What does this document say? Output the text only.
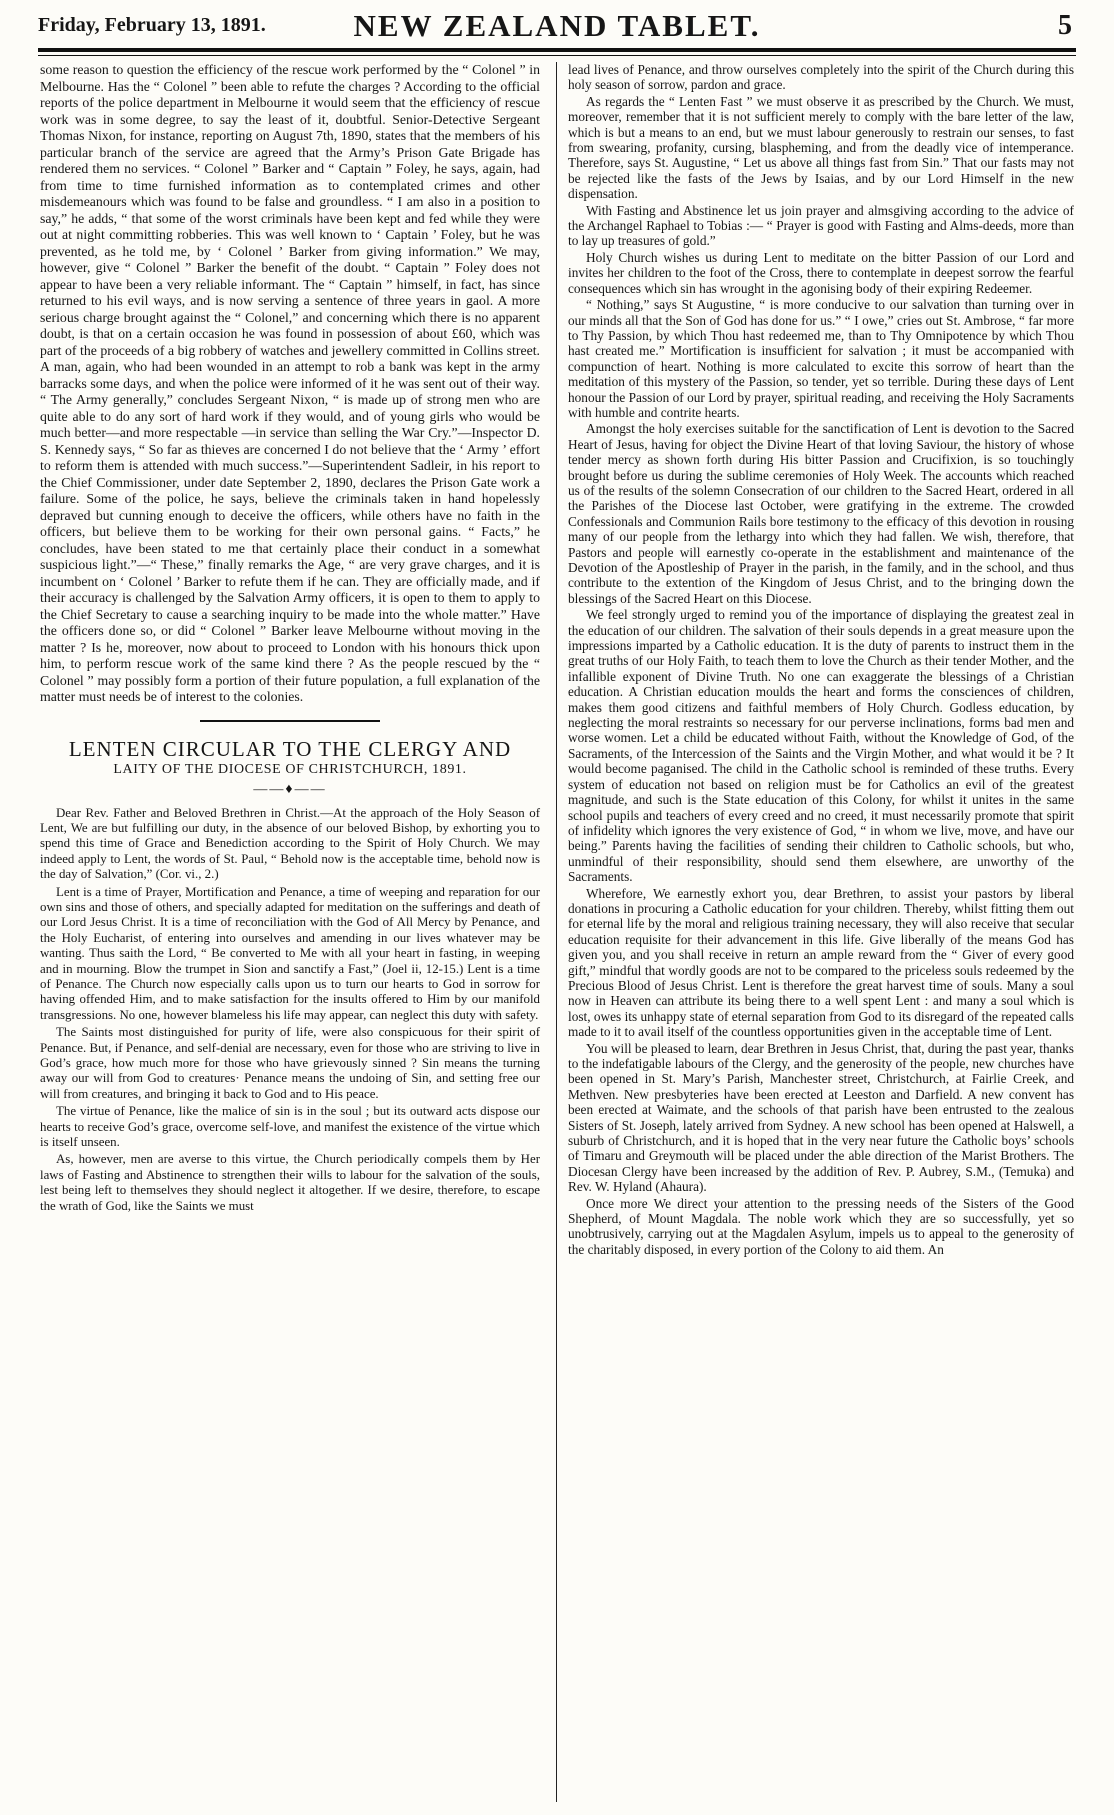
Friday, February 13, 1891.	NEW ZEALAND TABLET.	5

some reason to question the efficiency of the rescue work performed by the “ Colonel ” in Melbourne. Has the “ Colonel ” been able to refute the charges ? According to the official reports of the police department in Melbourne it would seem that the efficiency of rescue work was in some degree, to say the least of it, doubtful. Senior-Detective Sergeant Thomas Nixon, for instance, reporting on August 7th, 1890, states that the members of his particular branch of the service are agreed that the Army’s Prison Gate Brigade has rendered them no services. “ Colonel ” Barker and “ Captain ” Foley, he says, again, had from time to time furnished information as to contemplated crimes and other misdemeanours which was found to be false and groundless. “ I am also in a position to say,” he adds, “ that some of the worst criminals have been kept and fed while they were out at night committing robberies. This was well known to ‘ Captain ’ Foley, but he was prevented, as he told me, by ‘ Colonel ’ Barker from giving information.” We may, however, give “ Colonel ” Barker the benefit of the doubt. “ Captain ” Foley does not appear to have been a very reliable informant. The “ Captain ” himself, in fact, has since returned to his evil ways, and is now serving a sentence of three years in gaol. A more serious charge brought against the “ Colonel,” and concerning which there is no apparent doubt, is that on a certain occasion he was found in possession of about £60, which was part of the proceeds of a big robbery of watches and jewellery committed in Collins street. A man, again, who had been wounded in an attempt to rob a bank was kept in the army barracks some days, and when the police were informed of it he was sent out of their way. “ The Army generally,” concludes Sergeant Nixon, “ is made up of strong men who are quite able to do any sort of hard work if they would, and of young girls who would be much better—and more respectable —in service than selling the War Cry.”—Inspector D. S. Kennedy says, “ So far as thieves are concerned I do not believe that the ‘ Army ’ effort to reform them is attended with much success.”—Superintendent Sadleir, in his report to the Chief Commissioner, under date September 2, 1890, declares the Prison Gate work a failure. Some of the police, he says, believe the criminals taken in hand hopelessly depraved but cunning enough to deceive the officers, while others have no faith in the officers, but believe them to be working for their own personal gains. “ Facts,” he concludes, have been stated to me that certainly place their conduct in a somewhat suspicious light.”—“ These,” finally remarks the Age, “ are very grave charges, and it is incumbent on ‘ Colonel ’ Barker to refute them if he can. They are officially made, and if their accuracy is challenged by the Salvation Army officers, it is open to them to apply to the Chief Secretary to cause a searching inquiry to be made into the whole matter.” Have the officers done so, or did “ Colonel ” Barker leave Melbourne without moving in the matter ? Is he, moreover, now about to proceed to London with his honours thick upon him, to perform rescue work of the same kind there ? As the people rescued by the “ Colonel ” may possibly form a portion of their future population, a full explanation of the matter must needs be of interest to the colonies.

LENTEN CIRCULAR TO THE CLERGY AND
LAITY OF THE DIOCESE OF CHRISTCHURCH, 1891.
——♦——

Dear Rev. Father and Beloved Brethren in Christ.—At the approach of the Holy Season of Lent, We are but fulfilling our duty, in the absence of our beloved Bishop, by exhorting you to spend this time of Grace and Benediction according to the Spirit of Holy Church. We may indeed apply to Lent, the words of St. Paul, “ Behold now is the acceptable time, behold now is the day of Salvation,” (Cor. vi., 2.)

Lent is a time of Prayer, Mortification and Penance, a time of weeping and reparation for our own sins and those of others, and specially adapted for meditation on the sufferings and death of our Lord Jesus Christ. It is a time of reconciliation with the God of All Mercy by Penance, and the Holy Eucharist, of entering into ourselves and amending in our lives whatever may be wanting. Thus saith the Lord, “ Be converted to Me with all your heart in fasting, in weeping and in mourning. Blow the trumpet in Sion and sanctify a Fast,” (Joel ii, 12-15.) Lent is a time of Penance. The Church now especially calls upon us to turn our hearts to God in sorrow for having offended Him, and to make satisfaction for the insults offered to Him by our manifold transgressions. No one, however blameless his life may appear, can neglect this duty with safety.

The Saints most distinguished for purity of life, were also conspicuous for their spirit of Penance. But, if Penance, and self-denial are necessary, even for those who are striving to live in God’s grace, how much more for those who have grievously sinned ? Sin means the turning away our will from God to creatures· Penance means the undoing of Sin, and setting free our will from creatures, and bringing it back to God and to His peace.

The virtue of Penance, like the malice of sin is in the soul ; but its outward acts dispose our hearts to receive God’s grace, overcome self-love, and manifest the existence of the virtue which is itself unseen.

As, however, men are averse to this virtue, the Church periodically compels them by Her laws of Fasting and Abstinence to strengthen their wills to labour for the salvation of the souls, lest being left to themselves they should neglect it altogether. If we desire, therefore, to escape the wrath of God, like the Saints we must

lead lives of Penance, and throw ourselves completely into the spirit of the Church during this holy season of sorrow, pardon and grace.

As regards the “ Lenten Fast ” we must observe it as prescribed by the Church. We must, moreover, remember that it is not sufficient merely to comply with the bare letter of the law, which is but a means to an end, but we must labour generously to restrain our senses, to fast from swearing, profanity, cursing, blaspheming, and from the deadly vice of intemperance. Therefore, says St. Augustine, “ Let us above all things fast from Sin.” That our fasts may not be rejected like the fasts of the Jews by Isaias, and by our Lord Himself in the new dispensation.

With Fasting and Abstinence let us join prayer and almsgiving according to the advice of the Archangel Raphael to Tobias :— “ Prayer is good with Fasting and Alms-deeds, more than to lay up treasures of gold.”

Holy Church wishes us during Lent to meditate on the bitter Passion of our Lord and invites her children to the foot of the Cross, there to contemplate in deepest sorrow the fearful consequences which sin has wrought in the agonising body of their expiring Redeemer.

“ Nothing,” says St Augustine, “ is more conducive to our salvation than turning over in our minds all that the Son of God has done for us.” “ I owe,” cries out St. Ambrose, “ far more to Thy Passion, by which Thou hast redeemed me, than to Thy Omnipotence by which Thou hast created me.” Mortification is insufficient for salvation ; it must be accompanied with compunction of heart. Nothing is more calculated to excite this sorrow of heart than the meditation of this mystery of the Passion, so tender, yet so terrible. During these days of Lent honour the Passion of our Lord by prayer, spiritual reading, and receiving the Holy Sacraments with humble and contrite hearts.

Amongst the holy exercises suitable for the sanctification of Lent is devotion to the Sacred Heart of Jesus, having for object the Divine Heart of that loving Saviour, the history of whose tender mercy as shown forth during His bitter Passion and Crucifixion, is so touchingly brought before us during the sublime ceremonies of Holy Week. The accounts which reached us of the results of the solemn Consecration of our children to the Sacred Heart, ordered in all the Parishes of the Diocese last October, were gratifying in the extreme. The crowded Confessionals and Communion Rails bore testimony to the efficacy of this devotion in rousing many of our people from the lethargy into which they had fallen. We wish, therefore, that Pastors and people will earnestly co-operate in the establishment and maintenance of the Devotion of the Apostleship of Prayer in the parish, in the family, and in the school, and thus contribute to the extention of the Kingdom of Jesus Christ, and to the bringing down the blessings of the Sacred Heart on this Diocese.

We feel strongly urged to remind you of the importance of displaying the greatest zeal in the education of our children. The salvation of their souls depends in a great measure upon the impressions imparted by a Catholic education. It is the duty of parents to instruct them in the great truths of our Holy Faith, to teach them to love the Church as their tender Mother, and the infallible exponent of Divine Truth. No one can exaggerate the blessings of a Christian education. A Christian education moulds the heart and forms the consciences of children, makes them good citizens and faithful members of Holy Church. Godless education, by neglecting the moral restraints so necessary for our perverse inclinations, forms bad men and worse women. Let a child be educated without Faith, without the Knowledge of God, of the Sacraments, of the Intercession of the Saints and the Virgin Mother, and what would it be ? It would become paganised. The child in the Catholic school is reminded of these truths. Every system of education not based on religion must be for Catholics an evil of the greatest magnitude, and such is the State education of this Colony, for whilst it unites in the same school pupils and teachers of every creed and no creed, it must necessarily promote that spirit of infidelity which ignores the very existence of God, “ in whom we live, move, and have our being.” Parents having the facilities of sending their children to Catholic schools, but who, unmindful of their responsibility, should send them elsewhere, are unworthy of the Sacraments.

Wherefore, We earnestly exhort you, dear Brethren, to assist your pastors by liberal donations in procuring a Catholic education for your children. Thereby, whilst fitting them out for eternal life by the moral and religious training necessary, they will also receive that secular education requisite for their advancement in this life. Give liberally of the means God has given you, and you shall receive in return an ample reward from the “ Giver of every good gift,” mindful that wordly goods are not to be compared to the priceless souls redeemed by the Precious Blood of Jesus Christ. Lent is therefore the great harvest time of souls. Many a soul now in Heaven can attribute its being there to a well spent Lent : and many a soul which is lost, owes its unhappy state of eternal separation from God to its disregard of the repeated calls made to it to avail itself of the countless opportunities given in the acceptable time of Lent.

You will be pleased to learn, dear Brethren in Jesus Christ, that, during the past year, thanks to the indefatigable labours of the Clergy, and the generosity of the people, new churches have been opened in St. Mary’s Parish, Manchester street, Christchurch, at Fairlie Creek, and Methven. New presbyteries have been erected at Leeston and Darfield. A new convent has been erected at Waimate, and the schools of that parish have been entrusted to the zealous Sisters of St. Joseph, lately arrived from Sydney. A new school has been opened at Halswell, a suburb of Christchurch, and it is hoped that in the very near future the Catholic boys’ schools of Timaru and Greymouth will be placed under the able direction of the Marist Brothers. The Diocesan Clergy have been increased by the addition of Rev. P. Aubrey, S.M., (Temuka) and Rev. W. Hyland (Ahaura).

Once more We direct your attention to the pressing needs of the Sisters of the Good Shepherd, of Mount Magdala. The noble work which they are so successfully, yet so unobtrusively, carrying out at the Magdalen Asylum, impels us to appeal to the generosity of the charitably disposed, in every portion of the Colony to aid them. An
